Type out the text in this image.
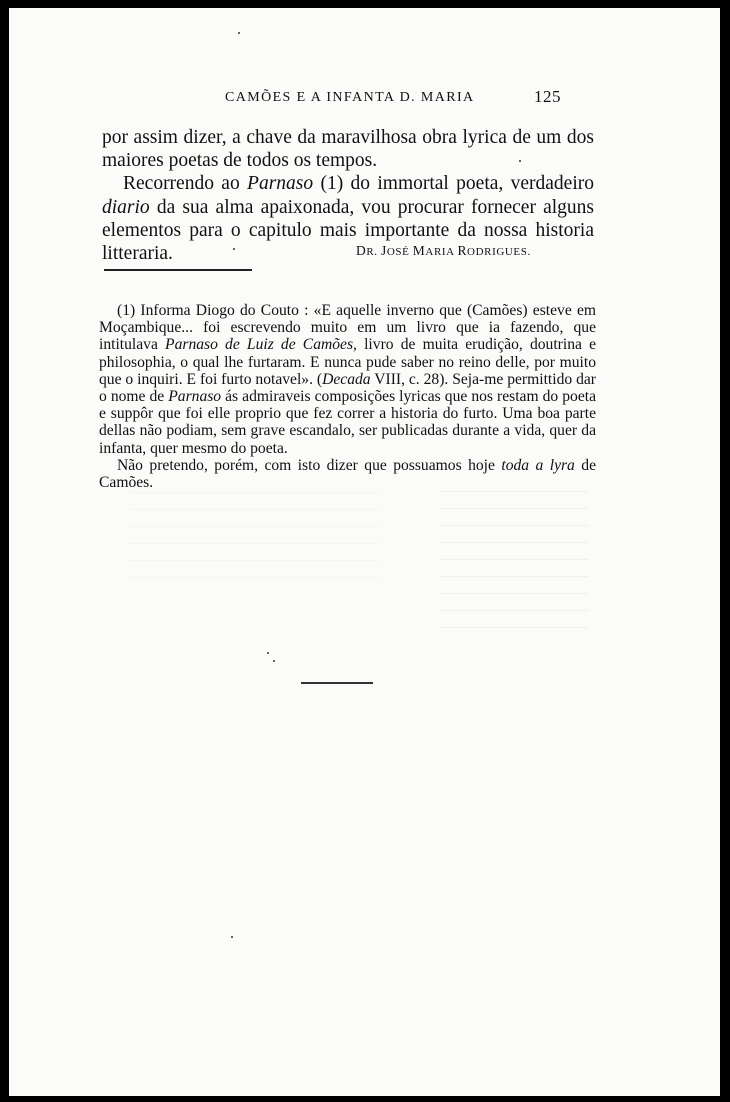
CAMÕES E A INFANTA D. MARIA	125

por assim dizer, a chave da maravilhosa obra lyrica de um dos maiores poetas de todos os tempos.

Recorrendo ao Parnaso (1) do immortal poeta, verdadeiro diario da sua alma apaixonada, vou procurar fornecer alguns elementos para o capitulo mais importante da nossa historia litteraria.	DR. JOSÉ MARIA RODRIGUES.

(1) Informa Diogo do Couto : «E aquelle inverno que (Camões) esteve em Moçambique... foi escrevendo muito em um livro que ia fazendo, que intitulava Parnaso de Luiz de Camões, livro de muita erudição, doutrina e philosophia, o qual lhe furtaram. E nunca pude saber no reino delle, por muito que o inquiri. E foi furto notavel». (Decada VIII, c. 28). Seja-me permittido dar o nome de Parnaso ás admiraveis composições lyricas que nos restam do poeta e suppôr que foi elle proprio que fez correr a historia do furto. Uma boa parte dellas não podiam, sem grave escandalo, ser publicadas durante a vida, quer da infanta, quer mesmo do poeta.

Não pretendo, porém, com isto dizer que possuamos hoje toda a lyra de Camões.
